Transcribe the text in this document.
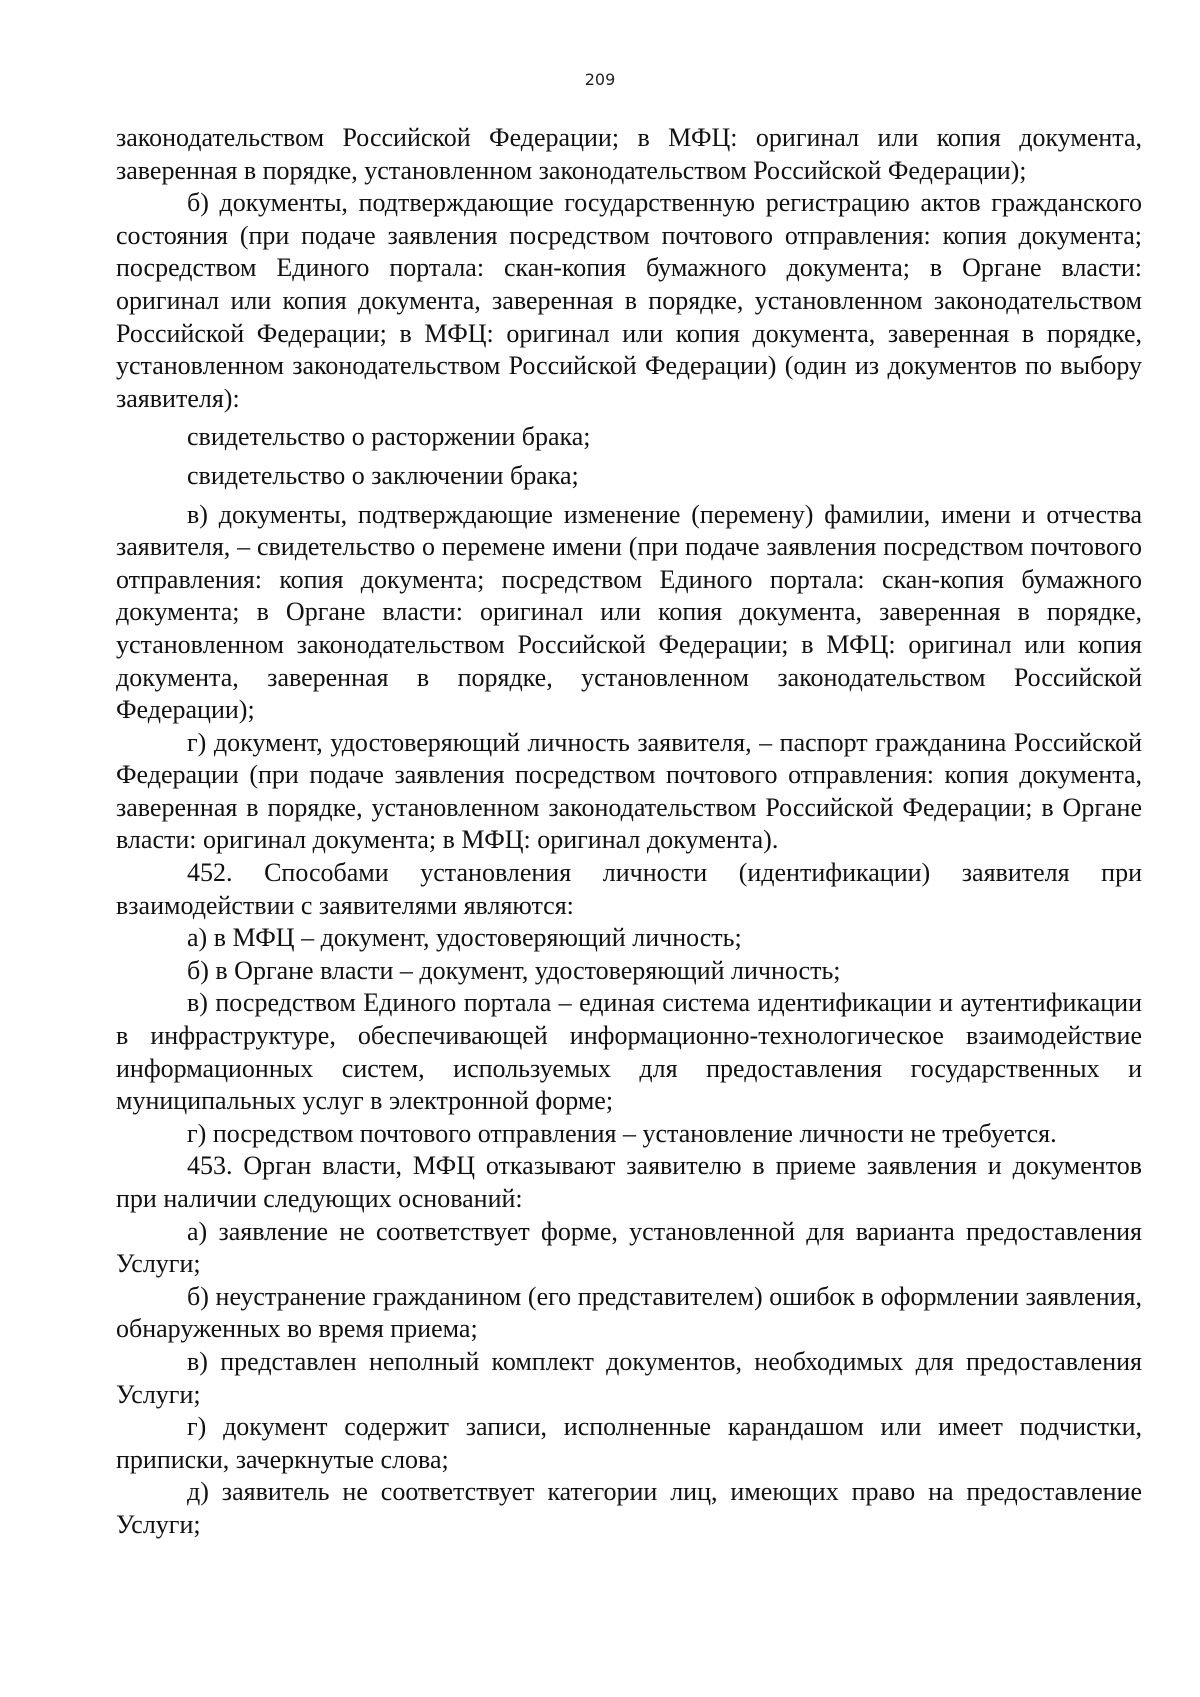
209

законодательством Российской Федерации; в МФЦ: оригинал или копия документа, заверенная в порядке, установленном законодательством Российской Федерации);

б) документы, подтверждающие государственную регистрацию актов гражданского состояния (при подаче заявления посредством почтового отправления: копия документа; посредством Единого портала: скан-копия бумажного документа; в Органе власти: оригинал или копия документа, заверенная в порядке, установленном законодательством Российской Федерации; в МФЦ: оригинал или копия документа, заверенная в порядке, установленном законодательством Российской Федерации) (один из документов по выбору заявителя):

свидетельство о расторжении брака;

свидетельство о заключении брака;

в) документы, подтверждающие изменение (перемену) фамилии, имени и отчества заявителя, – свидетельство о перемене имени (при подаче заявления посредством почтового отправления: копия документа; посредством Единого портала: скан-копия бумажного документа; в Органе власти: оригинал или копия документа, заверенная в порядке, установленном законодательством Российской Федерации; в МФЦ: оригинал или копия документа, заверенная в порядке, установленном законодательством Российской Федерации);

г) документ, удостоверяющий личность заявителя, – паспорт гражданина Российской Федерации (при подаче заявления посредством почтового отправления: копия документа, заверенная в порядке, установленном законодательством Российской Федерации; в Органе власти: оригинал документа; в МФЦ: оригинал документа).

452. Способами установления личности (идентификации) заявителя при взаимодействии с заявителями являются:

а) в МФЦ – документ, удостоверяющий личность;

б) в Органе власти – документ, удостоверяющий личность;

в) посредством Единого портала – единая система идентификации и аутентификации в инфраструктуре, обеспечивающей информационно-технологическое взаимодействие информационных систем, используемых для предоставления государственных и муниципальных услуг в электронной форме;

г) посредством почтового отправления – установление личности не требуется.

453. Орган власти, МФЦ отказывают заявителю в приеме заявления и документов при наличии следующих оснований:

а) заявление не соответствует форме, установленной для варианта предоставления Услуги;

б) неустранение гражданином (его представителем) ошибок в оформлении заявления, обнаруженных во время приема;

в) представлен неполный комплект документов, необходимых для предоставления Услуги;

г) документ содержит записи, исполненные карандашом или имеет подчистки, приписки, зачеркнутые слова;

д) заявитель не соответствует категории лиц, имеющих право на предоставление Услуги;
